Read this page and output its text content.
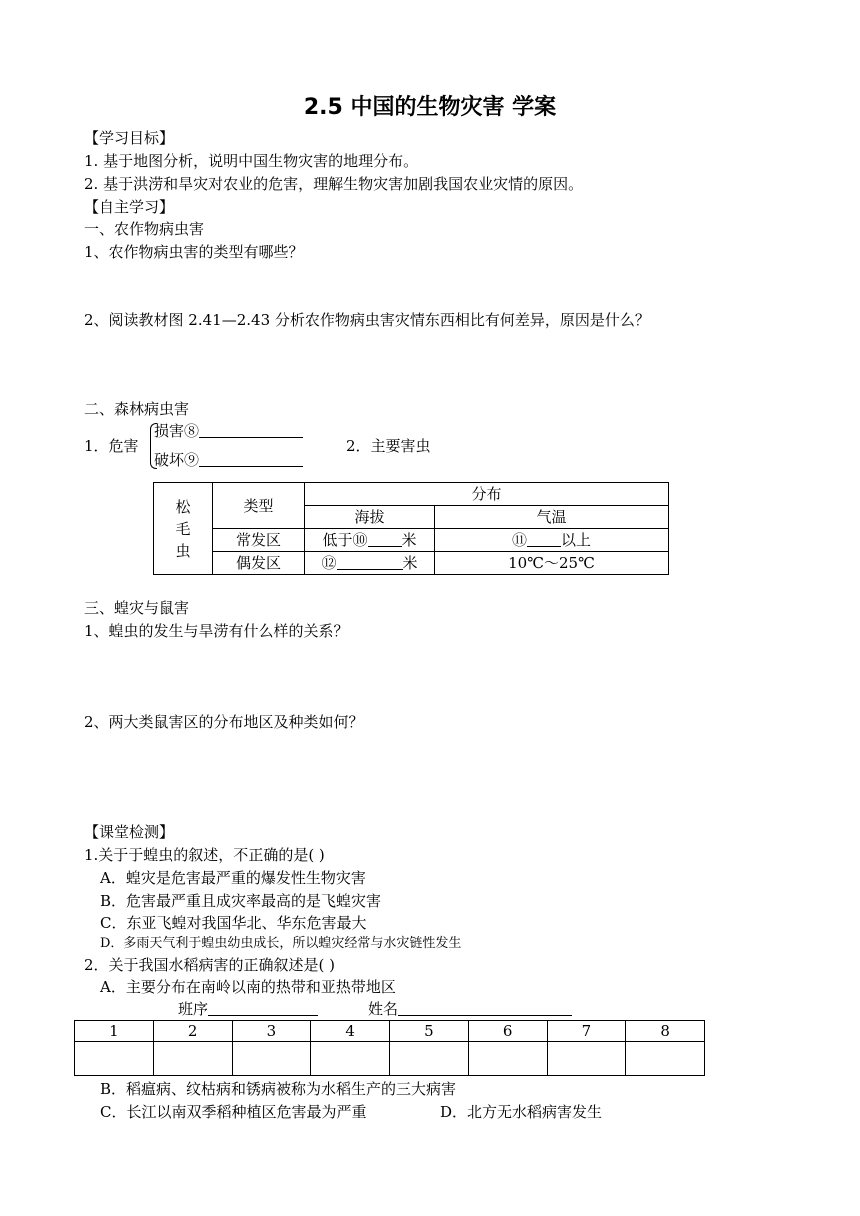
2.5 中国的生物灾害 学案
【学习目标】
1. 基于地图分析，说明中国生物灾害的地理分布。
2. 基于洪涝和旱灾对农业的危害，理解生物灾害加剧我国农业灾情的原因。
【自主学习】
一、农作物病虫害
1、农作物病虫害的类型有哪些？
2、阅读教材图 2.41—2.43 分析农作物病虫害灾情东西相比有何差异，原因是什么？
二、森林病虫害
1．危害
损害⑧
破坏⑨
2．主要害虫
松
毛
虫	类型	分布	
		海拔	气温
	常发区	低于⑩ 米	⑪ 以上
	偶发区	⑫ 米	10℃～25℃
三、蝗灾与鼠害
1、蝗虫的发生与旱涝有什么样的关系？
2、两大类鼠害区的分布地区及种类如何？
【课堂检测】
1.关于于蝗虫的叙述，不正确的是( )
A．蝗灾是危害最严重的爆发性生物灾害
B．危害最严重且成灾率最高的是飞蝗灾害
C．东亚飞蝗对我国华北、华东危害最大
D．多雨天气利于蝗虫幼虫成长，所以蝗灾经常与水灾链性发生
2．关于我国水稻病害的正确叙述是( )
A．主要分布在南岭以南的热带和亚热带地区
班序	姓名
1	2	3	4	5	6	7	8

B．稻瘟病、纹枯病和锈病被称为水稻生产的三大病害
C．长江以南双季稻种植区危害最为严重	D．北方无水稻病害发生
